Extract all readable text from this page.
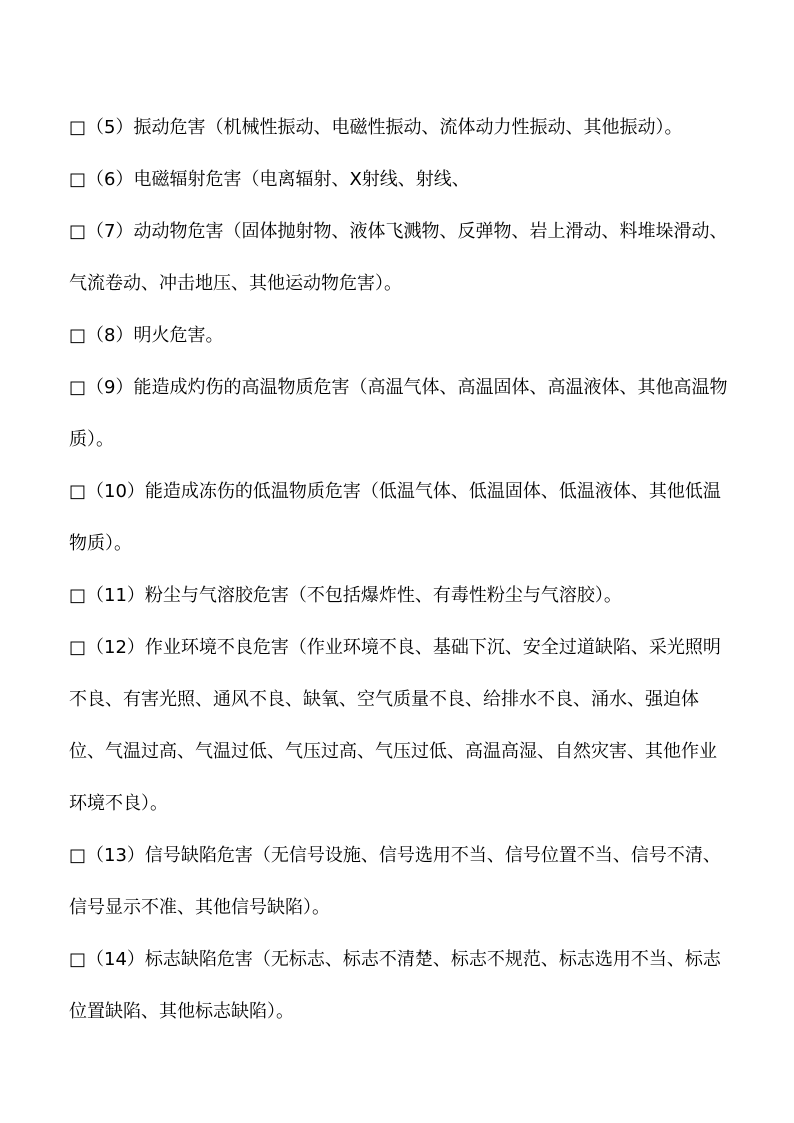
□（5）振动危害（机械性振动、电磁性振动、流体动力性振动、其他振动）。

□（6）电磁辐射危害（电离辐射、X射线、射线、

□（7）动动物危害（固体抛射物、液体飞溅物、反弹物、岩上滑动、料堆垛滑动、气流卷动、冲击地压、其他运动物危害）。

□（8）明火危害。

□（9）能造成灼伤的高温物质危害（高温气体、高温固体、高温液体、其他高温物质）。

□（10）能造成冻伤的低温物质危害（低温气体、低温固体、低温液体、其他低温物质）。

□（11）粉尘与气溶胶危害（不包括爆炸性、有毒性粉尘与气溶胶）。

□（12）作业环境不良危害（作业环境不良、基础下沉、安全过道缺陷、采光照明不良、有害光照、通风不良、缺氧、空气质量不良、给排水不良、涌水、强迫体位、气温过高、气温过低、气压过高、气压过低、高温高湿、自然灾害、其他作业环境不良）。

□（13）信号缺陷危害（无信号设施、信号选用不当、信号位置不当、信号不清、信号显示不准、其他信号缺陷）。

□（14）标志缺陷危害（无标志、标志不清楚、标志不规范、标志选用不当、标志位置缺陷、其他标志缺陷）。
